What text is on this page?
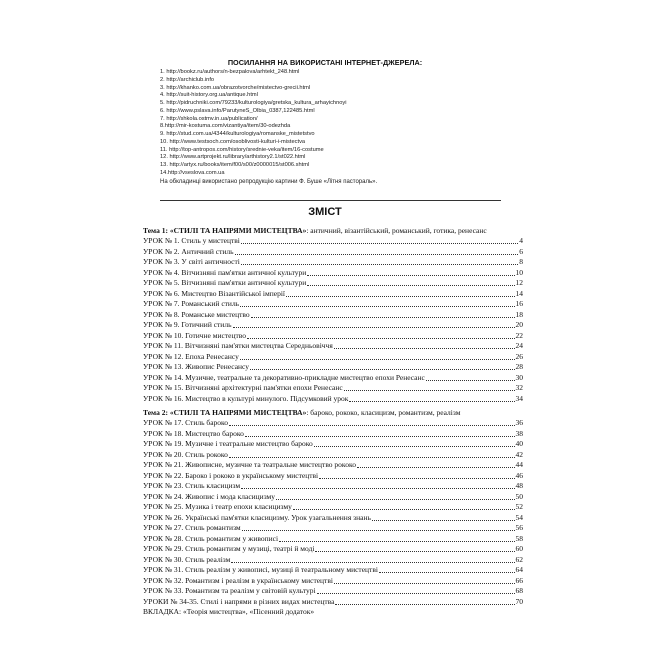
ПОСИЛАННЯ НА ВИКОРИСТАНІ ІНТЕРНЕТ-ДЖЕРЕЛА:
1. http://bookz.ru/authors/n-bezpalova/arhtekt_248.html
2. http://archiclub.info
3. http://khanko.com.ua/obrazotvorche/mistectvo-grecii.html
4. http://suit-history.org.ua/antique.html
5. http://pidruchniki.com/79233/kulturologiya/gretska_kultura_arhayichnoyi
6. http://www.pslava.info/ParutyneS_Olbia_0387,122485.html
7. http://shkola.ostmv.in.ua/publication/
8.http://mir-kostuma.com/vizantiya/item/30-odezhda
9. http://stud.com.ua/4344/kulturologiya/romanske_mistetstvo
10. http://www.testsoch.com/osoblivosti-kulturi-i-mistectva
11. http://top-antropos.com/history/srednie-veka/item/16-costume
12. http://www.artprojekt.ru/library/arthistory2.1/st022.html
13. http://artyx.ru/books/item/f00/s00/z0000015/st006.shtml
14.http://vseslova.com.ua
На обкладинці використано репродукцію картини Ф. Буше «Літня пастораль».
ЗМІСТ
Тема 1: «СТИЛІ ТА НАПРЯМИ МИСТЕЦТВА»: античний, візантійський, романський, готика, ренесанс
УРОК № 1. Стиль у мистецтві	4
УРОК № 2. Античний стиль	6
УРОК № 3. У світі античності	8
УРОК № 4. Вітчизняні пам'ятки античної культури	10
УРОК № 5. Вітчизняні пам'ятки античної культури	12
УРОК № 6. Мистецтво Візантійської імперії	14
УРОК № 7. Романський стиль	16
УРОК № 8. Романське мистецтво	18
УРОК № 9. Готичний стиль	20
УРОК № 10. Готичне мистецтво	22
УРОК № 11. Вітчизняні пам'ятки мистецтва Середньовіччя	24
УРОК № 12. Епоха Ренесансу	26
УРОК № 13. Живопис Ренесансу	28
УРОК № 14. Музичне, театральне та декоративно-прикладне мистецтво епохи Ренесанс	30
УРОК № 15. Вітчизняні архітектурні пам'ятки епохи Ренесанс	32
УРОК № 16. Мистецтво в культурі минулого. Підсумковий урок	34
Тема 2: «СТИЛІ ТА НАПРЯМИ МИСТЕЦТВА»: бароко, рококо, класицизм, романтизм, реалізм
УРОК № 17. Стиль бароко	36
УРОК № 18. Мистецтво бароко	38
УРОК № 19. Музичне і театральне мистецтво бароко	40
УРОК № 20. Стиль рококо	42
УРОК № 21. Живописне, музичне та театральне мистецтво рококо	44
УРОК № 22. Бароко і рококо в українському мистецтві	46
УРОК № 23. Стиль класицизм	48
УРОК № 24. Живопис і мода класицизму	50
УРОК № 25. Музика і театр епохи класицизму	52
УРОК № 26. Українські пам'ятки класицизму. Урок узагальнення знань	54
УРОК № 27. Стиль романтизм	56
УРОК № 28. Стиль романтизм у живописі	58
УРОК № 29. Стиль романтизм у музиці, театрі й моді	60
УРОК № 30. Стиль реалізм	62
УРОК № 31. Стиль реалізм у живописі, музиці й театральному мистецтві	64
УРОК № 32. Романтизм і реалізм в українському мистецтві	66
УРОК № 33. Романтизм та реалізм у світовій культурі	68
УРОКИ № 34-35. Стилі і напрями в різних видах мистецтва	70
ВКЛАДКА: «Теорія мистецтва», «Пісенний додаток»
